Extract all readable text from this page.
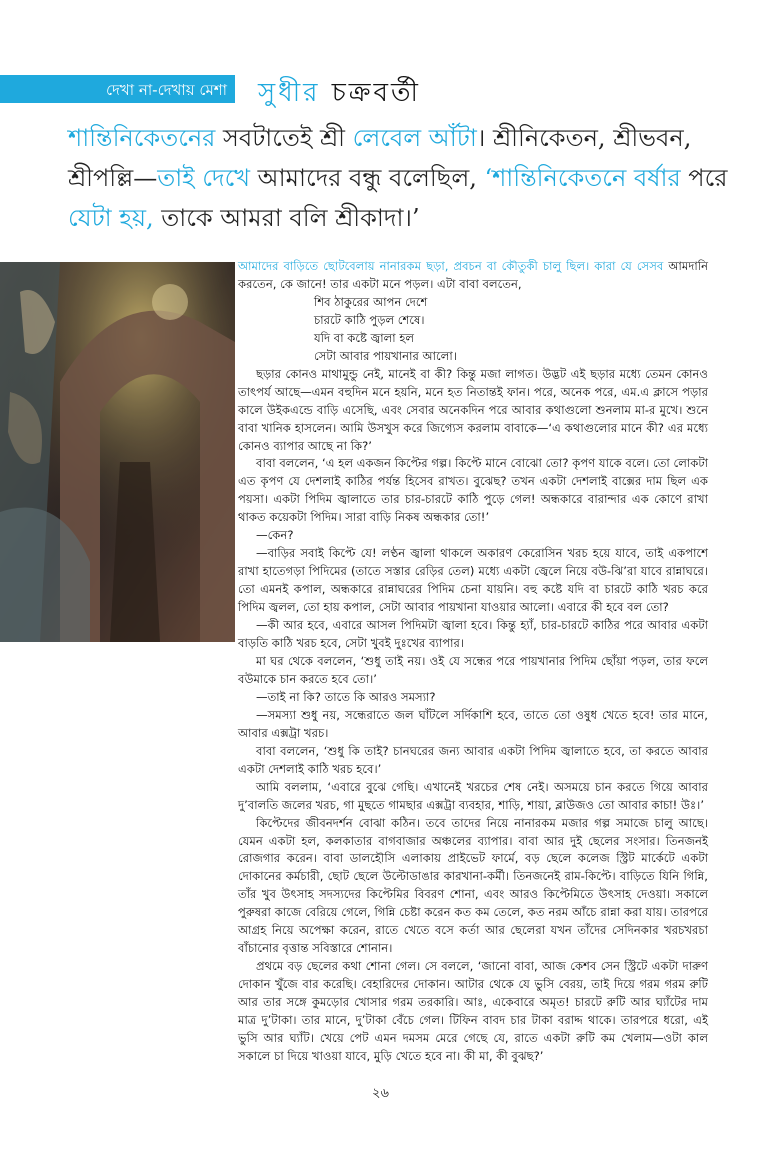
দেখা না-দেখায় মেশা সুধীর চক্রবর্তী
শান্তিনিকেতনের সবটাতেই শ্রী লেবেল আঁটা। শ্রীনিকেতন, শ্রীভবন, শ্রীপল্লি—তাই দেখে আমাদের বন্ধু বলেছিল, ‘শান্তিনিকেতনে বর্ষার পরে যেটা হয়, তাকে আমরা বলি শ্রীকাদা।’

আমাদের বাড়িতে ছোটবেলায় নানারকম ছড়া, প্রবচন বা কৌতুকী চালু ছিল। কারা যে সেসব আমদানি করতেন, কে জানে! তার একটা মনে পড়ল। এটা বাবা বলতেন,

শিব ঠাকুরের আপন দেশে

চারটে কাঠি পুড়ল শেষে।

যদি বা কষ্টে জ্বালা হল

সেটা আবার পায়খানার আলো।

ছড়ার কোনও মাথামুন্ডু নেই, মানেই বা কী? কিন্তু মজা লাগত। উদ্ভট এই ছড়ার মধ্যে তেমন কোনও তাৎপর্য আছে—এমন বহুদিন মনে হয়নি, মনে হত নিতান্তই ফান। পরে, অনেক পরে, এম.এ ক্লাসে পড়ার কালে উইকএন্ডে বাড়ি এসেছি, এবং সেবার অনেকদিন পরে আবার কথাগুলো শুনলাম মা-র মুখে। শুনে বাবা খানিক হাসলেন। আমি উসখুস করে জিগ্যেস করলাম বাবাকে—‘এ কথাগুলোর মানে কী? এর মধ্যে কোনও ব্যাপার আছে না কি?’

বাবা বললেন, ‘এ হল একজন কিপ্টের গল্প। কিপ্টে মানে বোঝো তো? কৃপণ যাকে বলে। তো লোকটা এত কৃপণ যে দেশলাই কাঠির পর্যন্ত হিসেব রাখত। বুঝেছ? তখন একটা দেশলাই বাক্সের দাম ছিল এক পয়সা। একটা পিদিম জ্বালাতে তার চার-চারটে কাঠি পুড়ে গেল! অন্ধকারে বারান্দার এক কোণে রাখা থাকত কয়েকটা পিদিম। সারা বাড়ি নিকষ অন্ধকার তো!’

—কেন?

—বাড়ির সবাই কিপ্টে যে! লণ্ঠন জ্বালা থাকলে অকারণ কেরোসিন খরচ হয়ে যাবে, তাই একপাশে রাখা হাতেগড়া পিদিমের (তাতে সস্তার রেড়ির তেল) মধ্যে একটা জ্বেলে নিয়ে বউ-ঝি’রা যাবে রান্নাঘরে। তো এমনই কপাল, অন্ধকারে রান্নাঘরের পিদিম চেনা যায়নি। বহু কষ্টে যদি বা চারটে কাঠি খরচ করে পিদিম জ্বলল, তো হায় কপাল, সেটা আবার পায়খানা যাওয়ার আলো। এবারে কী হবে বল তো?

—কী আর হবে, এবারে আসল পিদিমটা জ্বালা হবে। কিন্তু হ্যাঁ, চার-চারটে কাঠির পরে আবার একটা বাড়তি কাঠি খরচ হবে, সেটা খুবই দুঃখের ব্যাপার।

মা ঘর থেকে বললেন, ‘শুধু তাই নয়। ওই যে সন্ধের পরে পায়খানার পিদিম ছোঁয়া পড়ল, তার ফলে বউমাকে চান করতে হবে তো।’

—তাই না কি? তাতে কি আরও সমস্যা?

—সমস্যা শুধু নয়, সন্ধেরাতে জল ঘাঁটলে সর্দিকাশি হবে, তাতে তো ওষুধ খেতে হবে! তার মানে, আবার এক্সট্রা খরচ।

বাবা বললেন, ‘শুধু কি তাই? চানঘরের জন্য আবার একটা পিদিম জ্বালাতে হবে, তা করতে আবার একটা দেশলাই কাঠি খরচ হবে।’

আমি বললাম, ‘এবারে বুঝে গেছি। এখানেই খরচের শেষ নেই। অসময়ে চান করতে গিয়ে আবার দু’বালতি জলের খরচ, গা মুছতে গামছার এক্সট্রা ব্যবহার, শাড়ি, শায়া, ব্লাউজও তো আবার কাচা! উঃ।’

কিপ্টেদের জীবনদর্শন বোঝা কঠিন। তবে তাদের নিয়ে নানারকম মজার গল্প সমাজে চালু আছে। যেমন একটা হল, কলকাতার বাগবাজার অঞ্চলের ব্যাপার। বাবা আর দুই ছেলের সংসার। তিনজনই রোজগার করেন। বাবা ডালহৌসি এলাকায় প্রাইভেট ফার্মে, বড় ছেলে কলেজ স্ট্রিট মার্কেটে একটা দোকানের কর্মচারী, ছোট ছেলে উল্টোডাঙার কারখানা-কর্মী। তিনজনেই রাম-কিপ্টে। বাড়িতে যিনি গিন্নি, তাঁর খুব উৎসাহ সদস্যদের কিপ্টেমির বিবরণ শোনা, এবং আরও কিপ্টেমিতে উৎসাহ দেওয়া। সকালে পুরুষরা কাজে বেরিয়ে গেলে, গিন্নি চেষ্টা করেন কত কম তেলে, কত নরম আঁচে রান্না করা যায়। তারপরে আগ্রহ নিয়ে অপেক্ষা করেন, রাতে খেতে বসে কর্তা আর ছেলেরা যখন তাঁদের সেদিনকার খরচখরচা বাঁচানোর বৃত্তান্ত সবিস্তারে শোনান।

প্রথমে বড় ছেলের কথা শোনা গেল। সে বললে, ‘জানো বাবা, আজ কেশব সেন স্ট্রিটে একটা দারুণ দোকান খুঁজে বার করেছি। বেহারিদের দোকান। আটার থেকে যে ভুসি বেরয়, তাই দিয়ে গরম গরম রুটি আর তার সঙ্গে কুমড়োর খোসার গরম তরকারি। আঃ, একেবারে অমৃত! চারটে রুটি আর ঘ্যাঁটের দাম মাত্র দু’টাকা। তার মানে, দু’টাকা বেঁচে গেল। টিফিন বাবদ চার টাকা বরাদ্দ থাকে। তারপরে ধরো, এই ভুসি আর ঘ্যাঁট। খেয়ে পেট এমন দমসম মেরে গেছে যে, রাতে একটা রুটি কম খেলাম—ওটা কাল সকালে চা দিয়ে খাওয়া যাবে, মুড়ি খেতে হবে না। কী মা, কী বুঝছ?’

২৬
